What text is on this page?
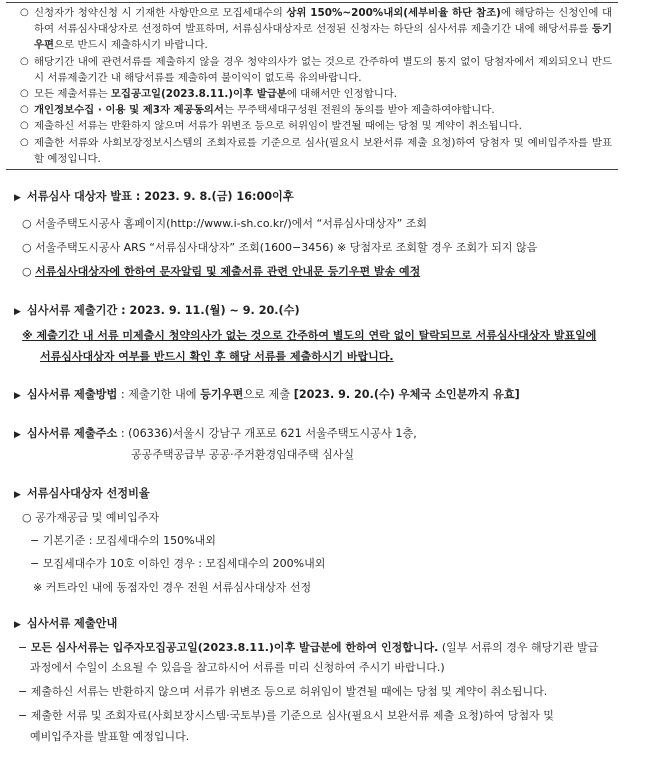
○ 신청자가 청약신청 시 기재한 사항만으로 모집세대수의 상위 150%~200%내외(세부비율 하단 참조)에 해당하는 신청인에 대하여 서류심사대상자로 선정하여 발표하며, 서류심사대상자로 선정된 신청자는 하단의 심사서류 제출기간 내에 해당서류를 등기우편으로 반드시 제출하시기 바랍니다.
○ 해당기간 내에 관련서류를 제출하지 않을 경우 청약의사가 없는 것으로 간주하여 별도의 통지 없이 당첨자에서 제외되오니 반드시 서류제출기간 내 해당서류를 제출하여 불이익이 없도록 유의바랍니다.
○ 모든 제출서류는 모집공고일(2023.8.11.)이후 발급분에 대해서만 인정합니다.
○ 개인정보수집 · 이용 및 제3자 제공동의서는 무주택세대구성원 전원의 동의를 받아 제출하여야합니다.
○ 제출하신 서류는 반환하지 않으며 서류가 위변조 등으로 허위임이 발견될 때에는 당첨 및 계약이 취소됩니다.
○ 제출한 서류와 사회보장정보시스템의 조회자료를 기준으로 심사(필요시 보완서류 제출 요청)하여 당첨자 및 예비입주자를 발표할 예정입니다.
▶ 서류심사 대상자 발표 : 2023. 9. 8.(금) 16:00이후
○ 서울주택도시공사 홈페이지(http://www.i-sh.co.kr/)에서 “서류심사대상자” 조회
○ 서울주택도시공사 ARS “서류심사대상자” 조회(1600−3456) ※ 당첨자로 조회할 경우 조회가 되지 않음
○ 서류심사대상자에 한하여 문자알림 및 제출서류 관련 안내문 등기우편 발송 예정
▶ 심사서류 제출기간 : 2023. 9. 11.(월) ~ 9. 20.(수)
※ 제출기간 내 서류 미제출시 청약의사가 없는 것으로 간주하여 별도의 연락 없이 탈락되므로 서류심사대상자 발표일에
서류심사대상자 여부를 반드시 확인 후 해당 서류를 제출하시기 바랍니다.
▶ 심사서류 제출방법 : 제출기한 내에 등기우편으로 제출 [2023. 9. 20.(수) 우체국 소인분까지 유효]
▶ 심사서류 제출주소 : (06336)서울시 강남구 개포로 621 서울주택도시공사 1층,
공공주택공급부 공공·주거환경임대주택 심사실
▶ 서류심사대상자 선정비율
○ 공가재공급 및 예비입주자
− 기본기준 : 모집세대수의 150%내외
− 모집세대수가 10호 이하인 경우 : 모집세대수의 200%내외
※ 커트라인 내에 동점자인 경우 전원 서류심사대상자 선정
▶ 심사서류 제출안내
− 모든 심사서류는 입주자모집공고일(2023.8.11.)이후 발급분에 한하여 인정합니다. (일부 서류의 경우 해당기관 발급
과정에서 수일이 소요될 수 있음을 참고하시어 서류를 미리 신청하여 주시기 바랍니다.)
− 제출하신 서류는 반환하지 않으며 서류가 위변조 등으로 허위임이 발견될 때에는 당첨 및 계약이 취소됩니다.
− 제출한 서류 및 조회자료(사회보장시스템·국토부)를 기준으로 심사(필요시 보완서류 제출 요청)하여 당첨자 및
예비입주자를 발표할 예정입니다.
